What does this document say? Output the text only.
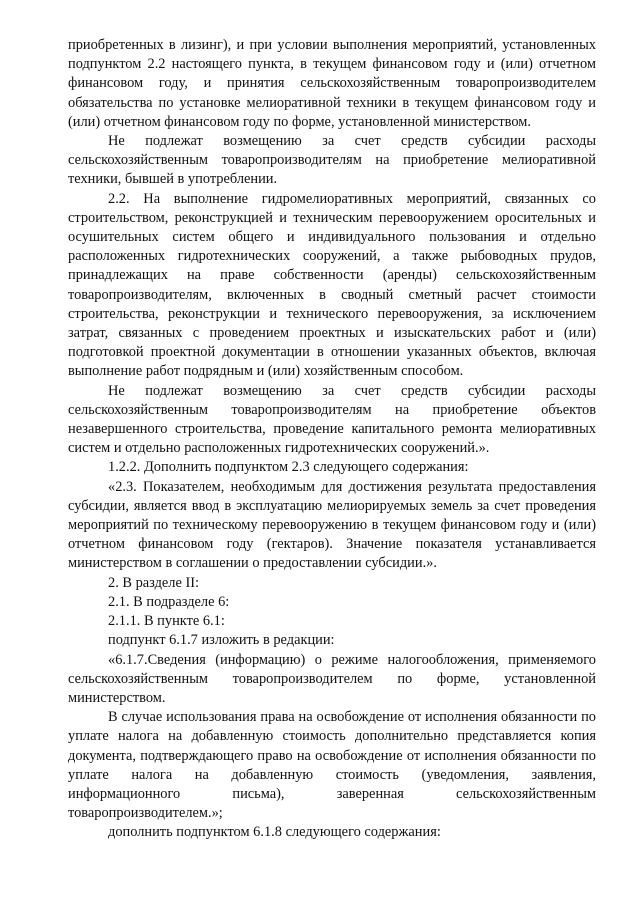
приобретенных в лизинг), и при условии выполнения мероприятий, установленных подпунктом 2.2 настоящего пункта, в текущем финансовом году и (или) отчетном финансовом году, и принятия сельскохозяйственным товаропроизводителем обязательства по установке мелиоративной техники в текущем финансовом году и (или) отчетном финансовом году по форме, установленной министерством.

Не подлежат возмещению за счет средств субсидии расходы сельскохозяйственным товаропроизводителям на приобретение мелиоративной техники, бывшей в употреблении.

2.2. На выполнение гидромелиоративных мероприятий, связанных со строительством, реконструкцией и техническим перевооружением оросительных и осушительных систем общего и индивидуального пользования и отдельно расположенных гидротехнических сооружений, а также рыбоводных прудов, принадлежащих на праве собственности (аренды) сельскохозяйственным товаропроизводителям, включенных в сводный сметный расчет стоимости строительства, реконструкции и технического перевооружения, за исключением затрат, связанных с проведением проектных и изыскательских работ и (или) подготовкой проектной документации в отношении указанных объектов, включая выполнение работ подрядным и (или) хозяйственным способом.

Не подлежат возмещению за счет средств субсидии расходы сельскохозяйственным товаропроизводителям на приобретение объектов незавершенного строительства, проведение капитального ремонта мелиоративных систем и отдельно расположенных гидротехнических сооружений.».

1.2.2. Дополнить подпунктом 2.3 следующего содержания:

«2.3. Показателем, необходимым для достижения результата предоставления субсидии, является ввод в эксплуатацию мелиорируемых земель за счет проведения мероприятий по техническому перевооружению в текущем финансовом году и (или) отчетном финансовом году (гектаров). Значение показателя устанавливается министерством в соглашении о предоставлении субсидии.».

2. В разделе II:

2.1. В подразделе 6:

2.1.1. В пункте 6.1:

подпункт 6.1.7 изложить в редакции:

«6.1.7.Сведения (информацию) о режиме налогообложения, применяемого сельскохозяйственным товаропроизводителем по форме, установленной министерством.

В случае использования права на освобождение от исполнения обязанности по уплате налога на добавленную стоимость дополнительно представляется копия документа, подтверждающего право на освобождение от исполнения обязанности по уплате налога на добавленную стоимость (уведомления, заявления, информационного письма), заверенная сельскохозяйственным товаропроизводителем.»;

дополнить подпунктом 6.1.8 следующего содержания:
